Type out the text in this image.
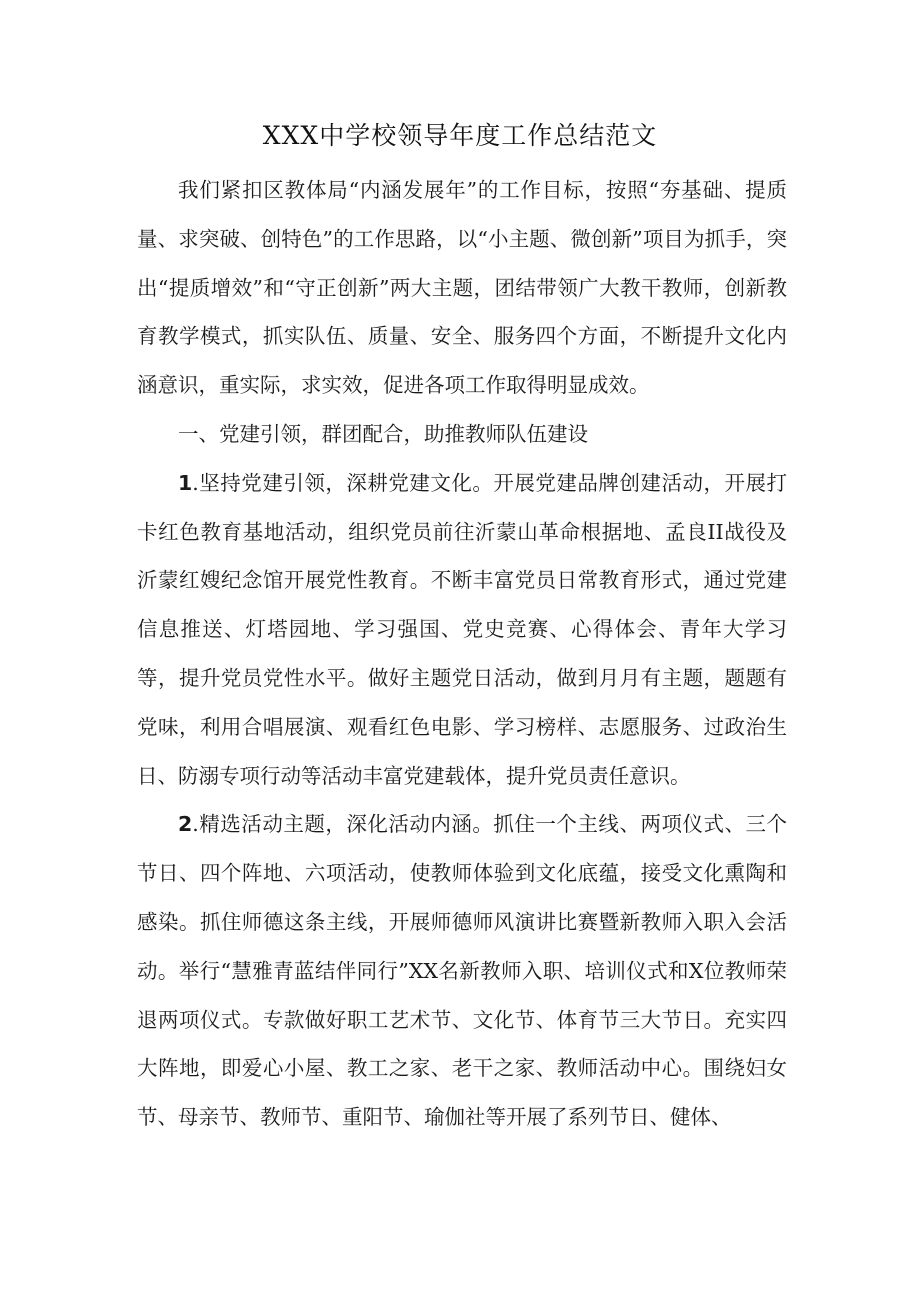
XXX中学校领导年度工作总结范文

我们紧扣区教体局“内涵发展年”的工作目标，按照“夯基础、提质量、求突破、创特色”的工作思路，以“小主题、微创新”项目为抓手，突出“提质增效”和“守正创新”两大主题，团结带领广大教干教师，创新教育教学模式，抓实队伍、质量、安全、服务四个方面，不断提升文化内涵意识，重实际，求实效，促进各项工作取得明显成效。

一、党建引领，群团配合，助推教师队伍建设

1.坚持党建引领，深耕党建文化。开展党建品牌创建活动，开展打卡红色教育基地活动，组织党员前往沂蒙山革命根据地、孟良II战役及沂蒙红嫂纪念馆开展党性教育。不断丰富党员日常教育形式，通过党建信息推送、灯塔园地、学习强国、党史竞赛、心得体会、青年大学习等，提升党员党性水平。做好主题党日活动，做到月月有主题，题题有党味，利用合唱展演、观看红色电影、学习榜样、志愿服务、过政治生日、防溺专项行动等活动丰富党建载体，提升党员责任意识。

2.精选活动主题，深化活动内涵。抓住一个主线、两项仪式、三个节日、四个阵地、六项活动，使教师体验到文化底蕴，接受文化熏陶和感染。抓住师德这条主线，开展师德师风演讲比赛暨新教师入职入会活动。举行“慧雅青蓝结伴同行”XX名新教师入职、培训仪式和X位教师荣退两项仪式。专款做好职工艺术节、文化节、体育节三大节日。充实四大阵地，即爱心小屋、教工之家、老干之家、教师活动中心。围绕妇女节、母亲节、教师节、重阳节、瑜伽社等开展了系列节日、健体、
